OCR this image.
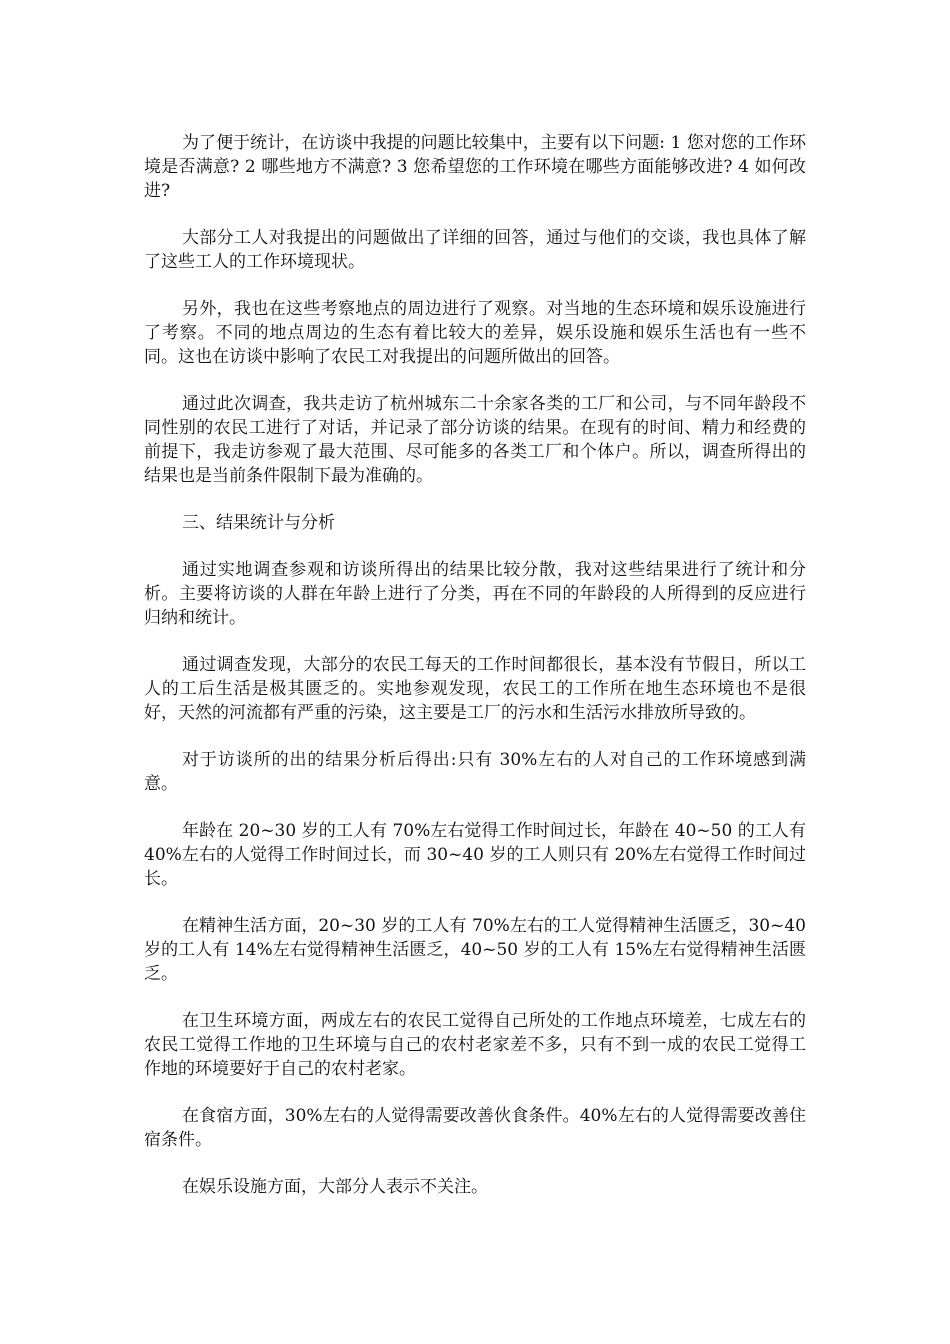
为了便于统计，在访谈中我提的问题比较集中，主要有以下问题: 1 您对您的工作环境是否满意? 2 哪些地方不满意? 3 您希望您的工作环境在哪些方面能够改进? 4 如何改进?

大部分工人对我提出的问题做出了详细的回答，通过与他们的交谈，我也具体了解了这些工人的工作环境现状。

另外，我也在这些考察地点的周边进行了观察。对当地的生态环境和娱乐设施进行了考察。不同的地点周边的生态有着比较大的差异，娱乐设施和娱乐生活也有一些不同。这也在访谈中影响了农民工对我提出的问题所做出的回答。

通过此次调查，我共走访了杭州城东二十余家各类的工厂和公司，与不同年龄段不同性别的农民工进行了对话，并记录了部分访谈的结果。在现有的时间、精力和经费的前提下，我走访参观了最大范围、尽可能多的各类工厂和个体户。所以，调查所得出的结果也是当前条件限制下最为准确的。

三、结果统计与分析

通过实地调查参观和访谈所得出的结果比较分散，我对这些结果进行了统计和分析。主要将访谈的人群在年龄上进行了分类，再在不同的年龄段的人所得到的反应进行归纳和统计。

通过调查发现，大部分的农民工每天的工作时间都很长，基本没有节假日，所以工人的工后生活是极其匮乏的。实地参观发现，农民工的工作所在地生态环境也不是很好，天然的河流都有严重的污染，这主要是工厂的污水和生活污水排放所导致的。

对于访谈所的出的结果分析后得出:只有 30%左右的人对自己的工作环境感到满意。

年龄在 20~30 岁的工人有 70%左右觉得工作时间过长，年龄在 40~50 的工人有 40%左右的人觉得工作时间过长，而 30~40 岁的工人则只有 20%左右觉得工作时间过长。

在精神生活方面，20~30 岁的工人有 70%左右的工人觉得精神生活匮乏，30~40 岁的工人有 14%左右觉得精神生活匮乏，40~50 岁的工人有 15%左右觉得精神生活匮乏。

在卫生环境方面，两成左右的农民工觉得自己所处的工作地点环境差，七成左右的农民工觉得工作地的卫生环境与自己的农村老家差不多，只有不到一成的农民工觉得工作地的环境要好于自己的农村老家。

在食宿方面，30%左右的人觉得需要改善伙食条件。40%左右的人觉得需要改善住宿条件。

在娱乐设施方面，大部分人表示不关注。
